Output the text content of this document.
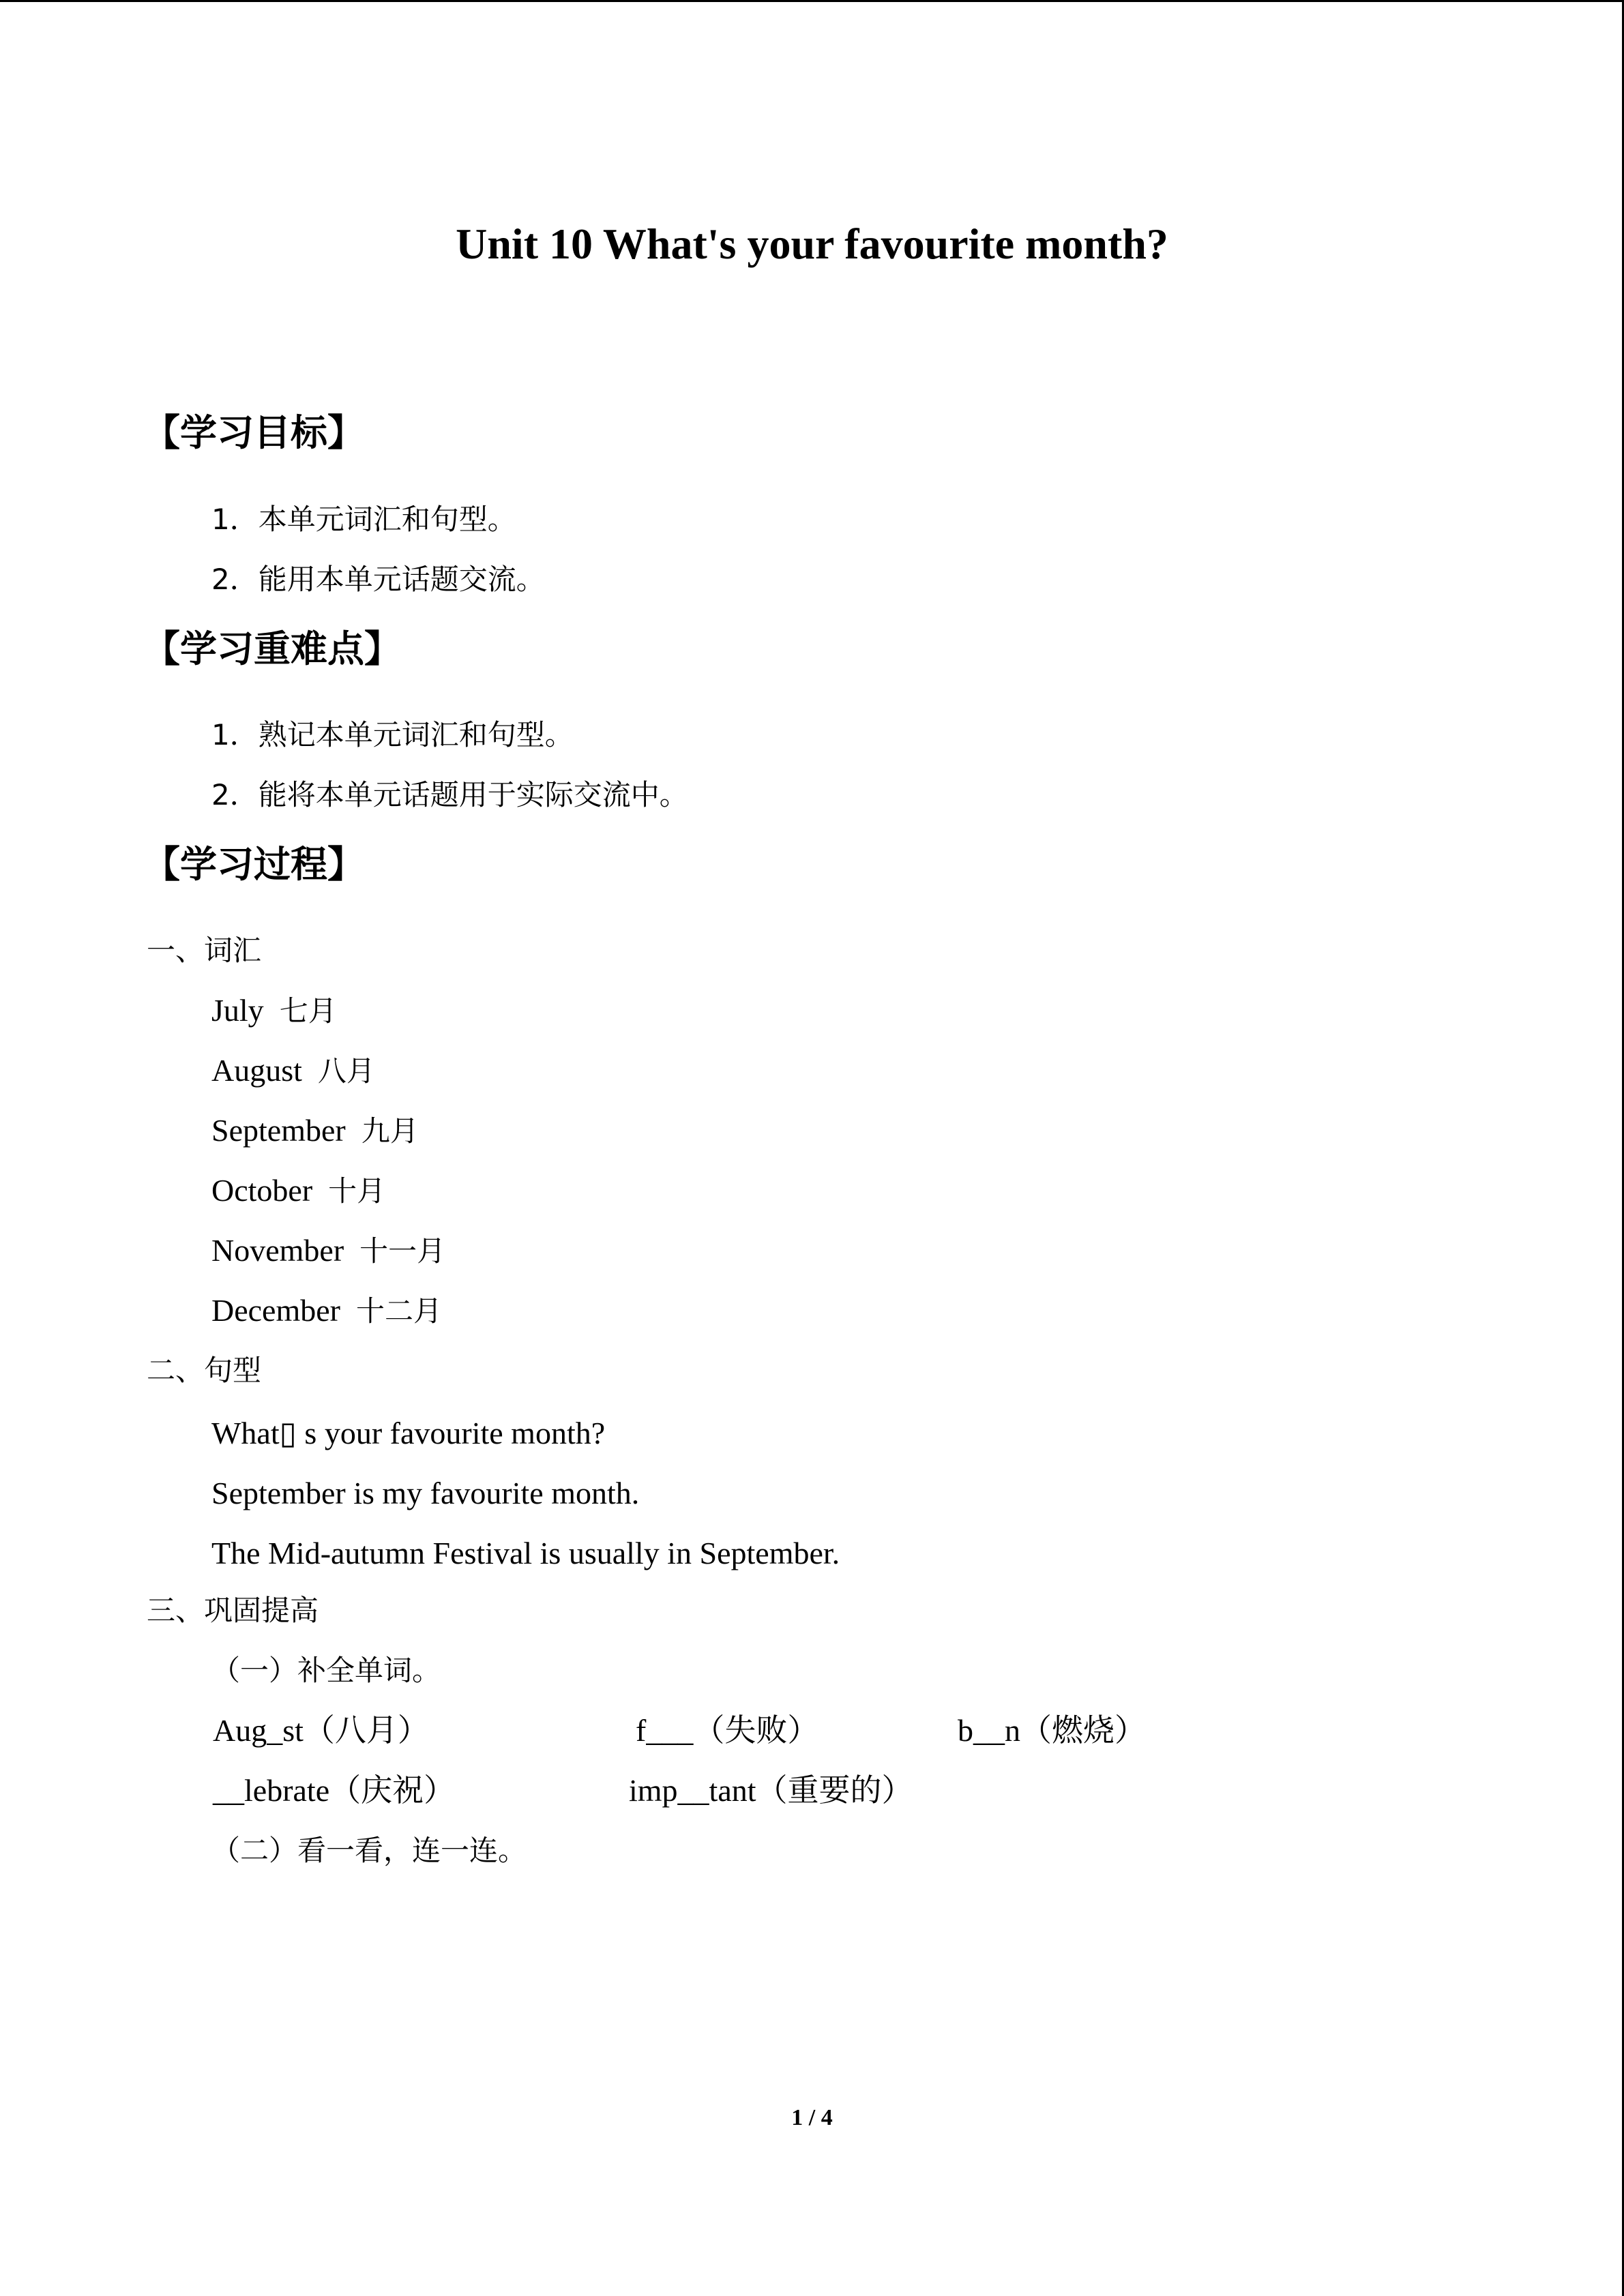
Unit 10 What's your favourite month?
【学习目标】
1．本单元词汇和句型。
2．能用本单元话题交流。
【学习重难点】
1．熟记本单元词汇和句型。
2．能将本单元话题用于实际交流中。
【学习过程】
一、词汇
July 七月
August 八月
September 九月
October 十月
November 十一月
December 十二月
二、句型
What▯ s your favourite month?
September is my favourite month.
The Mid-autumn Festival is usually in September.
三、巩固提高
（一）补全单词。
Aug_st（八月）	f___（失败）	b__n（燃烧）
__lebrate（庆祝）	imp__tant（重要的）
（二）看一看，连一连。
1 / 4
